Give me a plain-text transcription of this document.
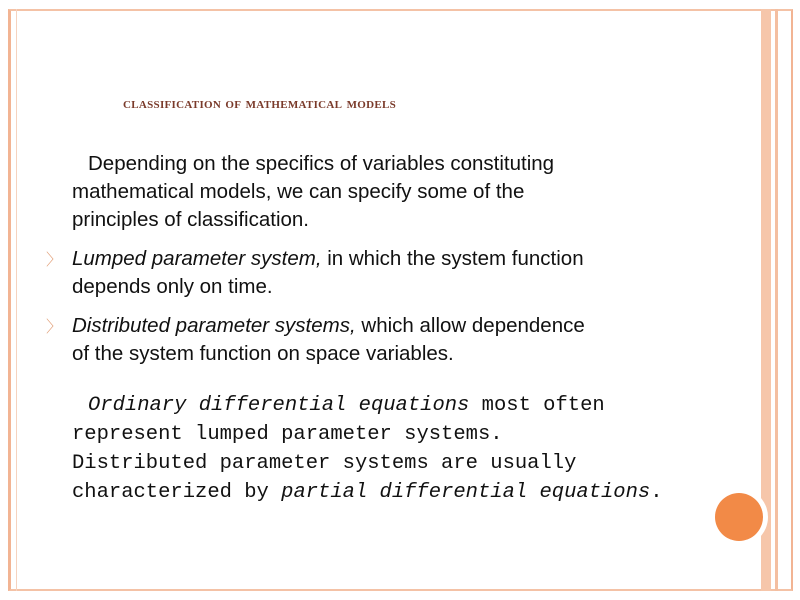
classification of mathematical models

Depending on the specifics of variables constituting
mathematical models, we can specify some of the
principles of classification.

〉 Lumped parameter system, in which the system function
depends only on time.
〉 Distributed parameter systems, which allow dependence
of the system function on space variables.
Ordinary differential equations most often
represent lumped parameter systems.
Distributed parameter systems are usually
characterized by partial differential equations.
